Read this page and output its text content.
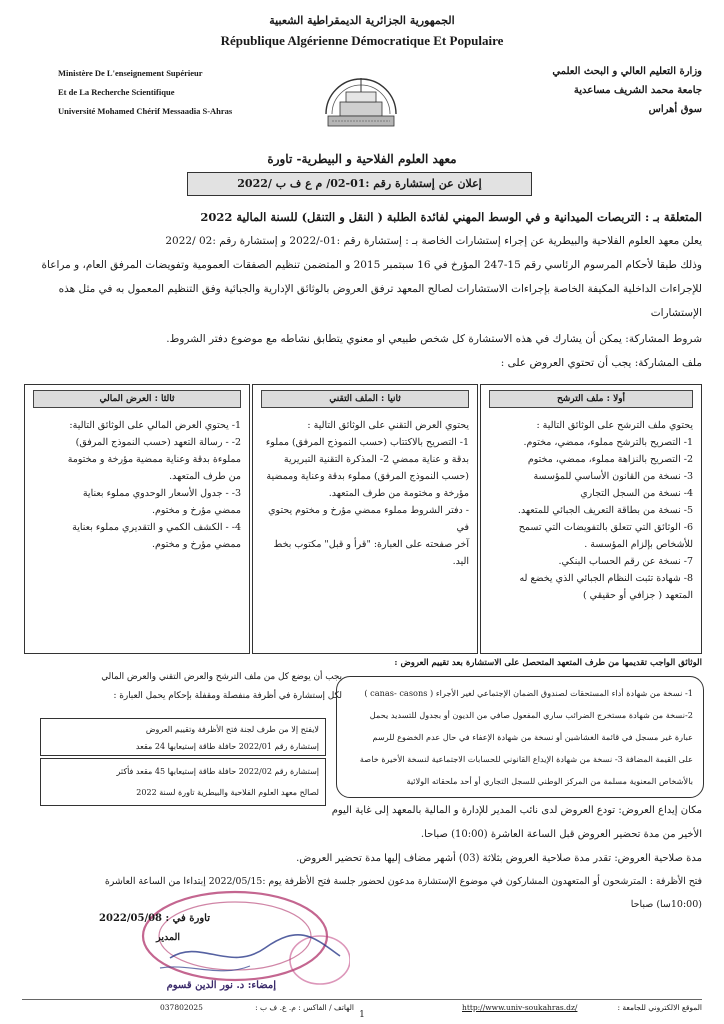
الجمهورية الجزائرية الديمقراطية الشعبية
République Algérienne Démocratique Et Populaire
Ministère De L'enseignement Supérieur
Et de La Recherche Scientifique
Université Mohamed Chérif Messaadia S-Ahras
وزارة التعليم العالي و البحث العلمي
جامعة محمد الشريف مساعدية
سوق أهراس
معهد العلوم الفلاحية و البيطرية- تاورة
إعلان عن إستشارة رقم :01-02/ م ع ف ب /2022
المتعلقة بـ : التربصات الميدانية و في الوسط المهني لفائدة الطلبة ( النقل و التنقل) للسنة المالية 2022
يعلن معهد العلوم الفلاحية والبيطرية عن إجراء إستشارات الخاصة بـ : إستشارة رقم :01-/2022 و إستشارة رقم :02 /2022
وذلك طبقا لأحكام المرسوم الرئاسي رقم 15-247 المؤرخ في 16 سبتمبر 2015 و المتضمن تنظيم الصفقات العمومية وتفويضات المرفق العام، و مراعاة
للإجراءات الداخلية المكيفة الخاصة بإجراءات الاستشارات لصالح المعهد ترفق العروض بالوثائق الإدارية والجبائية وفق التنظيم المعمول به في مثل هذه
الإستشارات
شروط المشاركة: يمكن أن يشارك في هذه الاستشارة كل شخص طبيعي او معنوي يتطابق نشاطه مع موضوع دفتر الشروط.
ملف المشاركة: يجب أن تحتوي العروض على :
أولا : ملف الترشح
يحتوي ملف الترشح على الوثائق التالية :
1- التصريح بالترشح مملوء، ممضي، مختوم.
2- التصريح بالنزاهة مملوء، ممضي، مختوم
3- نسخة من القانون الأساسي للمؤسسة
4- نسخة من السجل التجاري
5- نسخة من بطاقة التعريف الجبائي للمتعهد.
6- الوثائق التي تتعلق بالتفويضات التي تسمح
للأشخاص بإلزام المؤسسة .
7- نسخة عن رقم الحساب البنكي.
8- شهادة تثبت النظام الجبائي الذي يخضع له
المتعهد ( جزافي أو حقيقي )
ثانيا : الملف التقني
يحتوي العرض التقني على الوثائق التالية :
1- التصريح بالاكتتاب (حسب النموذج المرفق) مملوء
بدقة و عناية ممضي 2- المذكرة التقنية التبريرية
(حسب النموذج المرفق) مملوء بدقة وعناية وممضية
مؤرخة و مختومة من طرف المتعهد.
- دفتر الشروط مملوء ممضي مؤرخ و مختوم يحتوي في
آخر صفحته على العبارة: "قرأ و قبل" مكتوب بخط
اليد.
ثالثا : العرض المالي
1- يحتوي العرض المالي على الوثائق التالية:
2- - رسالة التعهد (حسب النموذج المرفق)
مملوءة بدقة وعناية ممضية مؤرخة و مختومة
من طرف المتعهد.
3- - جدول الأسعار الوحدوي مملوء بعناية
ممضي مؤرخ و مختوم.
4- - الكشف الكمي و التقديري مملوء بعناية
ممضي مؤرخ و مختوم.
الوثائق الواجب تقديمها من طرف المتعهد المتحصل على الاستشارة بعد تقييم العروض :
يجب أن يوضع كل من ملف الترشح والعرض التقني والعرض المالي
لكل إستشارة في أظرفة منفصلة ومقفلة بإحكام يحمل العبارة :
لايفتح إلا من طرف لجنة فتح الأظرفة وتقييم العروض
إستشارة رقم 2022/01 حافلة طاقة إستيعابها 24 مقعد
إستشارة رقم 2022/02 حافلة طاقة إستيعابها 45 مقعد فأكثر
لصالح معهد العلوم الفلاحية والبيطرية تاورة لسنة 2022
1- نسخة من شهادة أداء المستحقات لصندوق الضمان الإجتماعي لغير الأجراء ( canas- casons )
2-نسخة من شهادة مستخرج الضرائب ساري المفعول صافي من الديون أو بجدول للتسديد يحمل
عبارة غير مسجل في قائمة الغشاشين أو نسخة من شهادة الإعفاء في حال عدم الخضوع للرسم
على القيمة المضافة 3- نسخة من شهادة الإيداع القانوني للحسابات الاجتماعية لنسخة الأخيرة خاصة
بالأشخاص المعنوية مسلمة من المركز الوطني للسجل التجاري أو أحد ملحقاته الولائية
مكان إيداع العروض: تودع العروض لدى نائب المدير للإدارة و المالية بالمعهد إلى غاية اليوم
الأخير من مدة تحضير العروض قبل الساعة العاشرة (10:00) صباحا.
مدة صلاحية العروض: تقدر مدة صلاحية العروض بثلاثة (03) أشهر مضاف إليها مدة تحضير العروض.
فتح الأظرفة : المترشحون أو المتعهدون المشاركون في موضوع الإستشارة مدعون لحضور جلسة فتح الأظرفة يوم :2022/05/15 إبتداءا من الساعة العاشرة
(10:00سا) صباحا
تاورة في : 2022/05/08
المدير
إمضاء: د. نور الدين قسوم
الموقع الالكتروني للجامعة :
http://www.univ-soukahras.dz/
الهاتف / الفاكس : م. ع. ف ب :
037802025
1
